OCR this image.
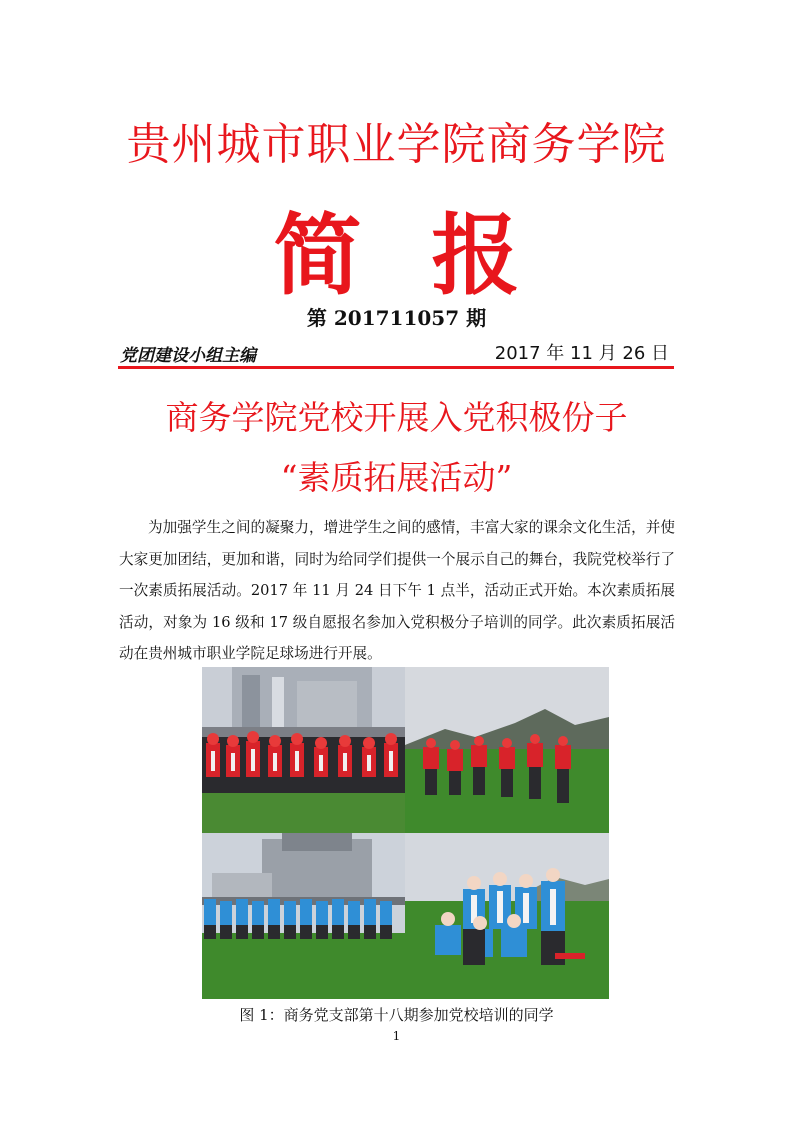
贵州城市职业学院商务学院
简报
第 201711057 期
党团建设小组主编	2017 年 11 月 26 日
商务学院党校开展入党积极份子
“素质拓展活动”
为加强学生之间的凝聚力，增进学生之间的感情，丰富大家的课余文化生活，并使大家更加团结，更加和谐，同时为给同学们提供一个展示自己的舞台，我院党校举行了一次素质拓展活动。2017 年 11 月 24 日下午 1 点半，活动正式开始。本次素质拓展活动，对象为 16 级和 17 级自愿报名参加入党积极分子培训的同学。此次素质拓展活动在贵州城市职业学院足球场进行开展。
图 1：商务党支部第十八期参加党校培训的同学
1
